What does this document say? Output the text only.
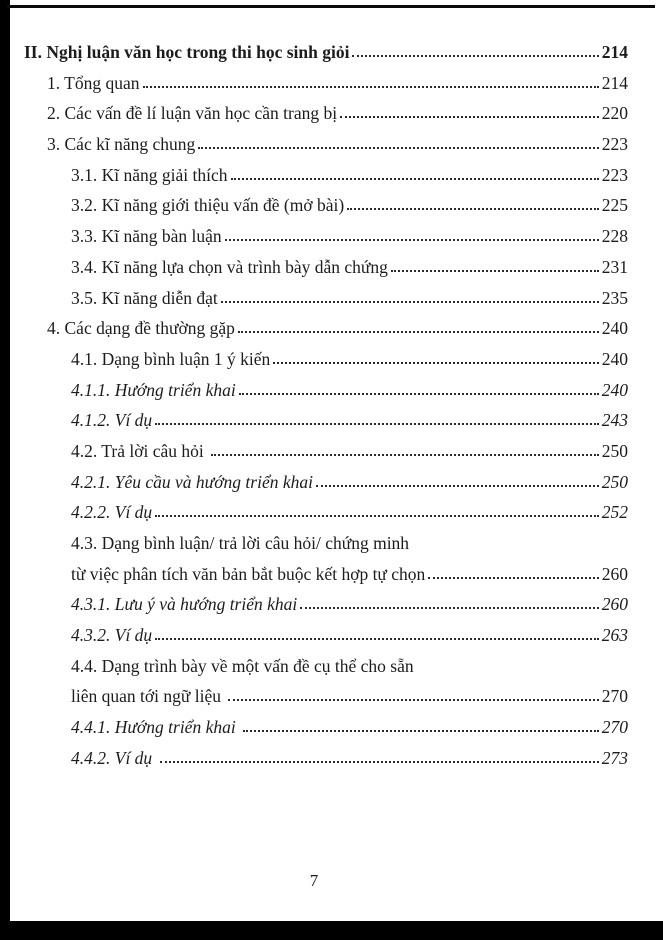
II. Nghị luận văn học trong thi học sinh giỏi	214
1. Tổng quan	214
2. Các vấn đề lí luận văn học cần trang bị	220
3. Các kĩ năng chung	223
3.1. Kĩ năng giải thích	223
3.2. Kĩ năng giới thiệu vấn đề (mở bài)	225
3.3. Kĩ năng bàn luận	228
3.4. Kĩ năng lựa chọn và trình bày dẫn chứng	231
3.5. Kĩ năng diễn đạt	235
4. Các dạng đề thường gặp	240
4.1. Dạng bình luận 1 ý kiến	240
4.1.1. Hướng triển khai	240
4.1.2. Ví dụ	243
4.2. Trả lời câu hỏi	250
4.2.1. Yêu cầu và hướng triển khai	250
4.2.2. Ví dụ	252
4.3. Dạng bình luận/ trả lời câu hỏi/ chứng minh
từ việc phân tích văn bản bắt buộc kết hợp tự chọn	260
4.3.1. Lưu ý và hướng triển khai	260
4.3.2. Ví dụ	263
4.4. Dạng trình bày về một vấn đề cụ thể cho sẵn
liên quan tới ngữ liệu	270
4.4.1. Hướng triển khai	270
4.4.2. Ví dụ	273
7
